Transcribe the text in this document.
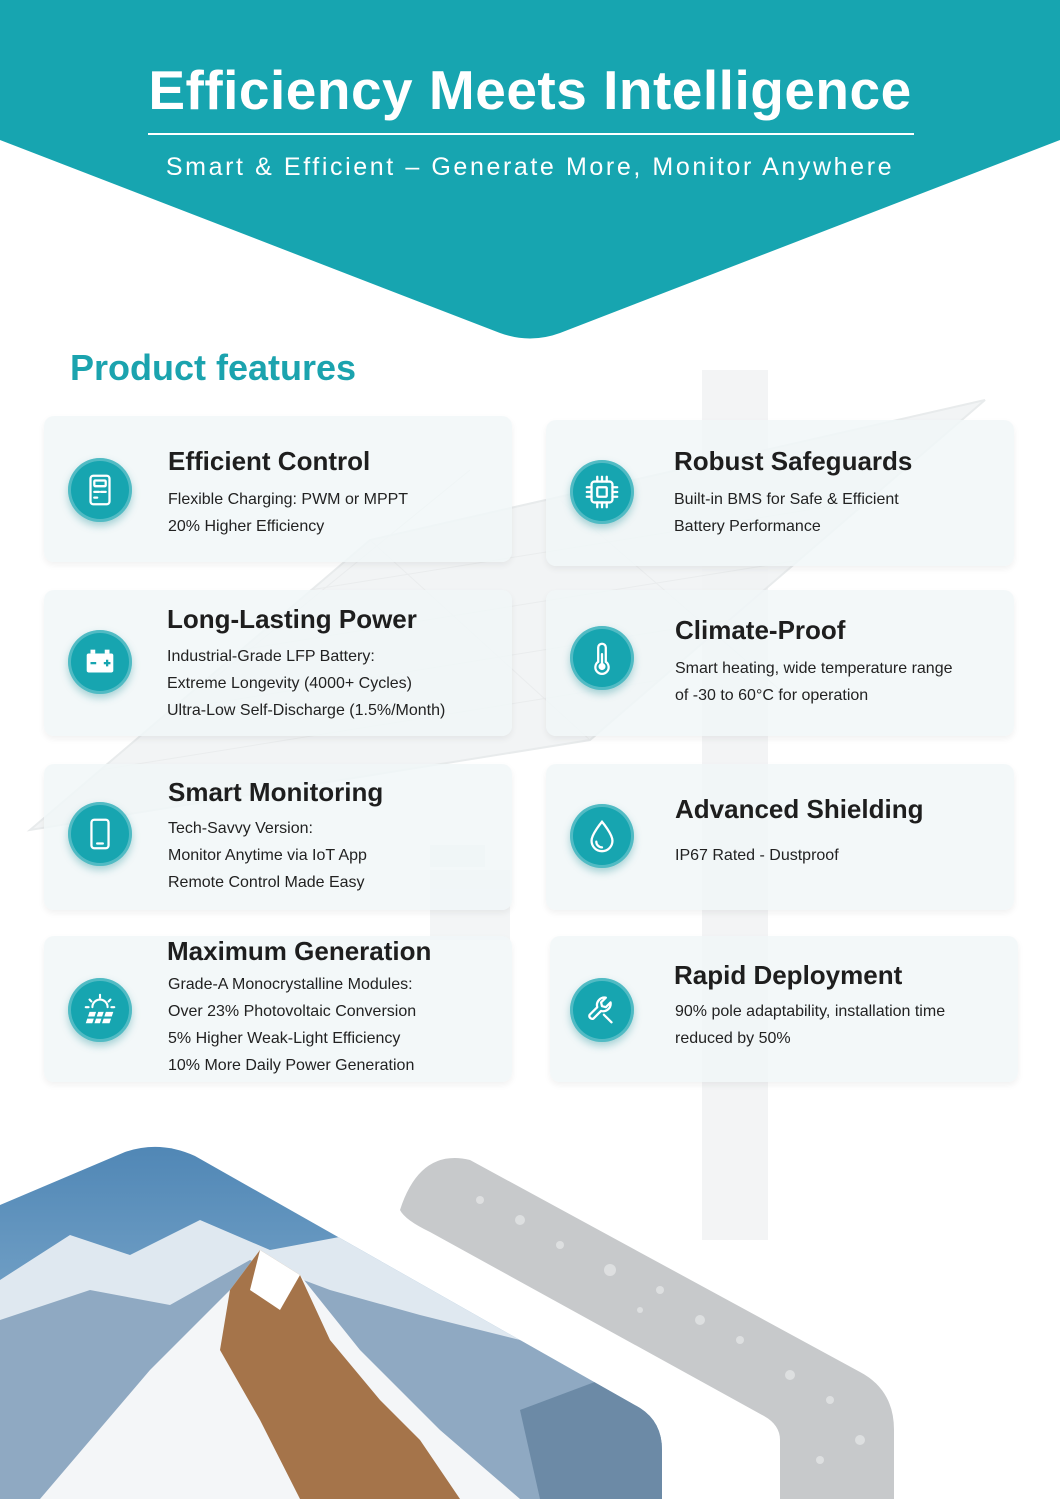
Efficiency Meets Intelligence
Smart & Efficient – Generate More, Monitor Anywhere
Product features
Efficient Control
Flexible Charging: PWM or MPPT
20% Higher Efficiency
Robust Safeguards
Built-in BMS for Safe & Efficient
Battery Performance
Long-Lasting Power
Industrial-Grade LFP Battery:
Extreme Longevity (4000+ Cycles)
Ultra-Low Self-Discharge (1.5%/Month)
Climate-Proof
Smart heating, wide temperature range
of -30 to 60°C for operation
Smart Monitoring
Tech-Savvy Version:
Monitor Anytime via IoT App
Remote Control Made Easy
Advanced Shielding
IP67 Rated - Dustproof
Maximum Generation
Grade-A Monocrystalline Modules:
Over 23% Photovoltaic Conversion
5% Higher Weak-Light Efficiency
10% More Daily Power Generation
Rapid Deployment
90% pole adaptability, installation time
reduced by 50%
